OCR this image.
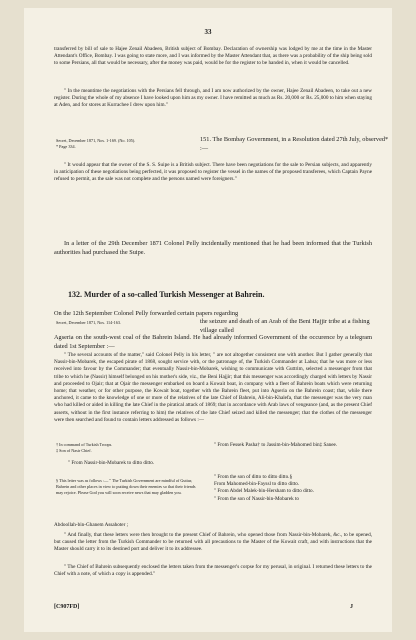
33

transferred by bill of sale to Hajee Zenail Abadeen, British subject of Bombay. Declaration of ownership was lodged by me at the time in the Master Attendant's Office, Bombay. I was going to state more, and I was informed by the Master Attendant that, as there was a probability of the ship being sold to some Persians, all that would be necessary, after the money was paid, would be for the register to be handed in, when it would be cancelled.

" In the meantime the negotiations with the Persians fell through, and I am now authorized by the owner, Hajee Zenail Abadeen, to take out a new register. During the whole of my absence I have looked upon him as my owner. I have remitted as much as Rs. 20,000 or Rs. 25,000 to him when staying at Aden, and for stores at Kurrachee I drew upon him."

Secret, December 1871, Nos. 1-169. (No. 105).
* Page 334.
151. The Bombay Government, in a Resolution dated 27th July, observed* :—

" It would appear that the owner of the S. S. Suipe is a British subject. There have been negotiations for the sale to Persian subjects, and apparently in anticipation of these negotiations being perfected, it was proposed to register the vessel in the names of the proposed transferees, which Captain Payne refused to permit, as the sale was not complete and the persons named were foreigners."

In a letter of the 29th December 1871 Colonel Pelly incidentally mentioned that he had been informed that the Turkish authorities had purchased the Suipe.

132. Murder of a so-called Turkish Messenger at Bahrein.
On the 12th September Colonel Pelly forwarded certain papers regarding
Secret, December 1871, Nos. 114-163.	the seizure and death of an Arab of the Beni Hajjir tribe at a fishing village called

Agseria on the south-west coal of the Bahrein Island. He had already informed Government of the occurence by a telegram dated 1st September :—

" The several accounts of the matter," said Colonel Pelly in his letter, " are not altogether consistent one with another. But I gather generally that Nassir-bin-Mobarek, the escaped pirate of 1868, sought service with, or the patronage of, the Turkish Commander at Lahsa; that he was more or less received into favour by the Commander; that eventually Nassir-bin-Mobarek, wishing to communicate with Guttrim, selected a messenger from that tribe to which he (Nassir) himself belonged on his mother's side, viz., the Beni Hajjir; that this messenger was accordingly charged with letters by Nassir and proceeded to Ojair; that at Ojair the messenger embarked on board a Kowait boat, in company with a fleet of Bahrein boats which were returning home; that weather, or for other purpose, the Kowait boat, together with the Bahrein fleet, put into Agseria on the Bahrein coast; that, while there anchored, it came to the knowledge of one or more of the relatives of the late Chief of Bahrein, Ali-bin-Khalefa, that the messenger was the very man who had killed or aided in killing the late Chief in the piratical attack of 1869; that in accordance with Arab laws of vengeance (and, as the present Chief asserts, without in the first instance referring to him) the relatives of the late Chief seized and killed the messenger; that the clothes of the messenger were then searched and found to contain letters addressed as follows :—

† In command of Turkish Troops.
‡ Son of Nasir Chief.
" From Fessek Pasha† to Jassim-bin-Mahomed bin‡ Sanee.
" From Nassir-bin-Mobarek to ditto ditto.
§ This letter was as follows :— " The Turkish Government are mindful of Guttur, Bahrein and other places in view to putting down their enemies so that their friends may rejoice. Please God you will soon receive news that may gladden you.
" From the son of ditto to ditto ditto.§
From Mahomed-bin-Fayssl to ditto ditto.
" From Abdel Malek-bin-Hersham to ditto ditto.
" From the son of Nassir-bin-Mobarek to
Abdoollah-bin-Ghanem Assahoter ;

" And finally, that these letters were then brought to the present Chief of Bahrein, who opened those from Nassir-bin-Mobarek, &c., to be opened, but caused the letter from the Turkish Commander to be returned with all precautions to the Master of the Kowait craft, and with instructions that the Master should carry it to its destined port and deliver it to its addressee.

" The Chief of Bahrein subsequently enclosed the letters taken from the messenger's corpse for my perusal, in original. I returned these letters to the Chief with a note, of which a copy is appended."

[C907FD]	J
